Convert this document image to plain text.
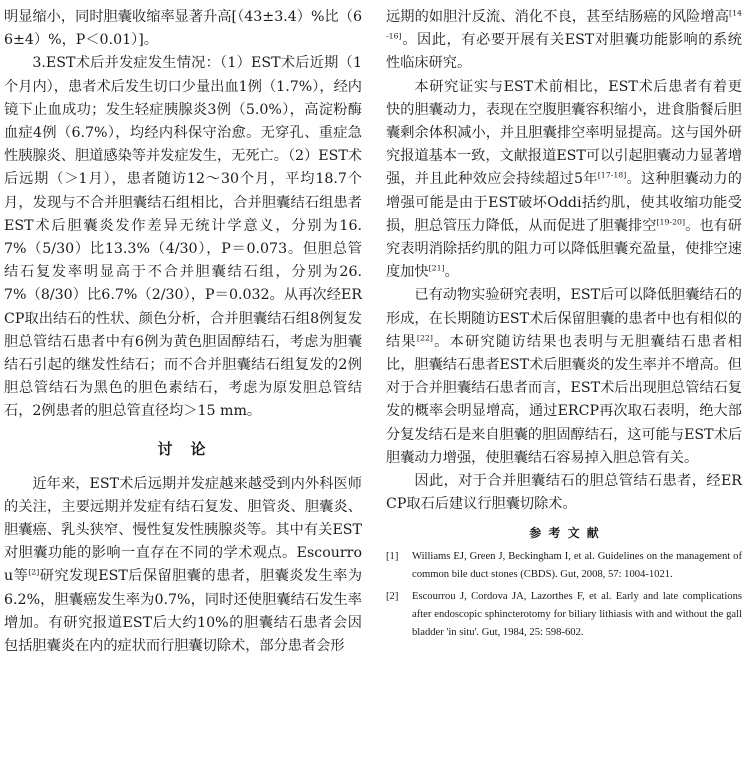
明显缩小，同时胆囊收缩率显著升高[（43±3.4）%比（66±4）%，P＜0.01）]。

3.EST术后并发症发生情况：（1）EST术后近期（1个月内），患者术后发生切口少量出血1例（1.7%），经内镜下止血成功；发生轻症胰腺炎3例（5.0%），高淀粉酶血症4例（6.7%），均经内科保守治愈。无穿孔、重症急性胰腺炎、胆道感染等并发症发生，无死亡。（2）EST术后远期（＞1月），患者随访12～30个月，平均18.7个月，发现与不合并胆囊结石组相比，合并胆囊结石组患者EST术后胆囊炎发作差异无统计学意义，分别为16.7%（5/30）比13.3%（4/30），P＝0.073。但胆总管结石复发率明显高于不合并胆囊结石组，分别为26.7%（8/30）比6.7%（2/30），P＝0.032。从再次经ERCP取出结石的性状、颜色分析，合并胆囊结石组8例复发胆总管结石患者中有6例为黄色胆固醇结石，考虑为胆囊结石引起的继发性结石；而不合并胆囊结石组复发的2例胆总管结石为黑色的胆色素结石，考虑为原发胆总管结石，2例患者的胆总管直径均＞15 mm。

讨论

近年来，EST术后远期并发症越来越受到内外科医师的关注，主要远期并发症有结石复发、胆管炎、胆囊炎、胆囊癌、乳头狭窄、慢性复发性胰腺炎等。其中有关EST对胆囊功能的影响一直存在不同的学术观点。Escourrou等[2]研究发现EST后保留胆囊的患者，胆囊炎发生率为6.2%，胆囊癌发生率为0.7%，同时还使胆囊结石发生率增加。有研究报道EST后大约10%的胆囊结石患者会因包括胆囊炎在内的症状而行胆囊切除术，部分患者会形

远期的如胆汁反流、消化不良，甚至结肠癌的风险增高[14-16]。因此，有必要开展有关EST对胆囊功能影响的系统性临床研究。

本研究证实与EST术前相比，EST术后患者有着更快的胆囊动力，表现在空腹胆囊容积缩小，进食脂餐后胆囊剩余体积减小，并且胆囊排空率明显提高。这与国外研究报道基本一致，文献报道EST可以引起胆囊动力显著增强，并且此种效应会持续超过5年[17-18]。这种胆囊动力的增强可能是由于EST破坏Oddi括约肌，使其收缩功能受损，胆总管压力降低，从而促进了胆囊排空[19-20]。也有研究表明消除括约肌的阻力可以降低胆囊充盈量，使排空速度加快[21]。

已有动物实验研究表明，EST后可以降低胆囊结石的形成，在长期随访EST术后保留胆囊的患者中也有相似的结果[22]。本研究随访结果也表明与无胆囊结石患者相比，胆囊结石患者EST术后胆囊炎的发生率并不增高。但对于合并胆囊结石患者而言，EST术后出现胆总管结石复发的概率会明显增高，通过ERCP再次取石表明，绝大部分复发结石是来自胆囊的胆固醇结石，这可能与EST术后胆囊动力增强，使胆囊结石容易掉入胆总管有关。

因此，对于合并胆囊结石的胆总管结石患者，经ERCP取石后建议行胆囊切除术。

参考文献
[1]	Williams EJ, Green J, Beckingham I, et al. Guidelines on the management of common bile duct stones (CBDS). Gut, 2008, 57: 1004-1021.
[2]	Escourrou J, Cordova JA, Lazorthes F, et al. Early and late complications after endoscopic sphincterotomy for biliary lithiasis with and without the gall bladder 'in situ'. Gut, 1984, 25: 598-602.
